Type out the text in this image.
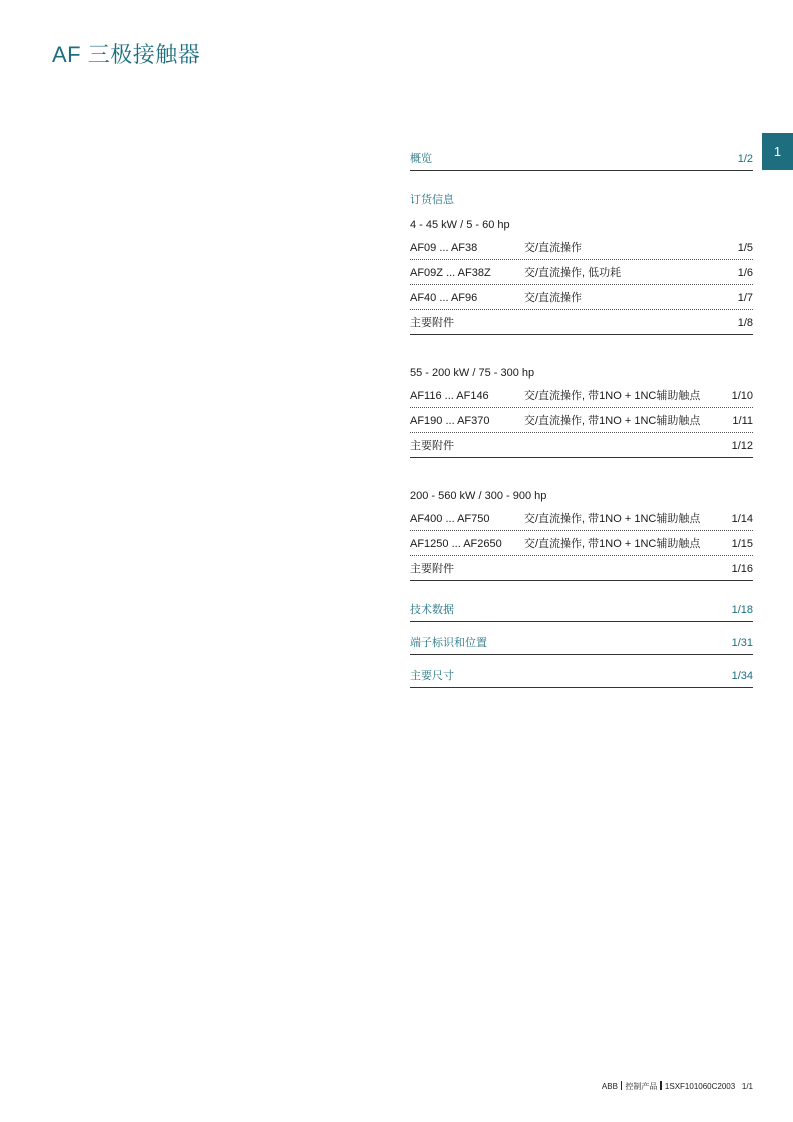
AF 三极接触器
1
概览	1/2
订货信息
4 - 45 kW / 5 - 60 hp
AF09 ... AF38	交/直流操作	1/5
AF09Z ... AF38Z	交/直流操作, 低功耗	1/6
AF40 ... AF96	交/直流操作	1/7
主要附件	1/8
55 - 200 kW / 75 - 300 hp
AF116 ... AF146	交/直流操作, 带1NO + 1NC辅助触点	1/10
AF190 ... AF370	交/直流操作, 带1NO + 1NC辅助触点	1/11
主要附件	1/12
200 - 560 kW / 300 - 900 hp
AF400 ... AF750	交/直流操作, 带1NO + 1NC辅助触点	1/14
AF1250 ... AF2650 交/直流操作, 带1NO + 1NC辅助触点	1/15
主要附件	1/16
技术数据	1/18
端子标识和位置	1/31
主要尺寸	1/34
ABB 控制产品 1SXF101060C2003 1/1
